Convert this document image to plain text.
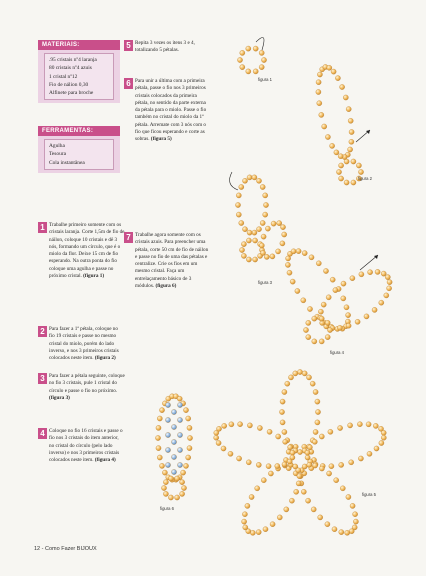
MATERIAIS:
.95 cristais nº4 laranja
80 cristais nº4 azuis
1 cristal nº12
Fio de nálion 0,30
Alfinete para broche
FERRAMENTAS:
Agulha
Tesoura
Cola instantânea
1 Trabalhe primeiro somente com os cristais laranja. Corte 1,5m de fio de náilon, coloque 10 cristais e dê 3 nós, formando um círculo, que é o miolo da flor. Deixe 15 cm de fio esperando. Na outra ponta do fio coloque uma agulha e passe no próximo cristal. (figura 1)
2 Para fazer a 1ª pétala, coloque no fio 19 cristais e passe no mesmo cristal do miolo, porém do lado inverso, e nos 3 primeiros cristais colocados neste item. (figura 2)
3 Para fazer a pétala seguinte, coloque no fio 3 cristais, pule 1 cristal do círculo e passe o fio no próximo. (figura 3)
4 Coloque no fio 16 cristais e passe o fio nos 3 cristais do item anterior, no cristal do círculo (pelo lado inverso) e nos 3 primeiros cristais colocados neste item. (figura 4)
5 Repita 3 vezes os itens 3 e 4, totalizando 5 pétalas.
6 Para unir a última com a primeira pétala, passe o fio nos 3 primeiros cristais colocados da primeira pétala, no sentido da parte externa da pétala para o miolo. Passe o fio também no cristal do miolo da 1ª pétala. Arremate com 3 nós com o fio que ficou esperando e corte as sobras. (figura 5)
7 Trabalhe agora somente com os cristais azuis. Para preencher uma pétala, corte 50 cm de fio de náilon e passe no fio de uma das pétalas e centralize. Crie os fios em um mesmo cristal. Faça um entrelaçamento básico de 3 módulos. (figura 6)
figura 1
figura 2
figura 3
figura 4
figura 5
figura 6
12 - Como Fazer BIJOUX
